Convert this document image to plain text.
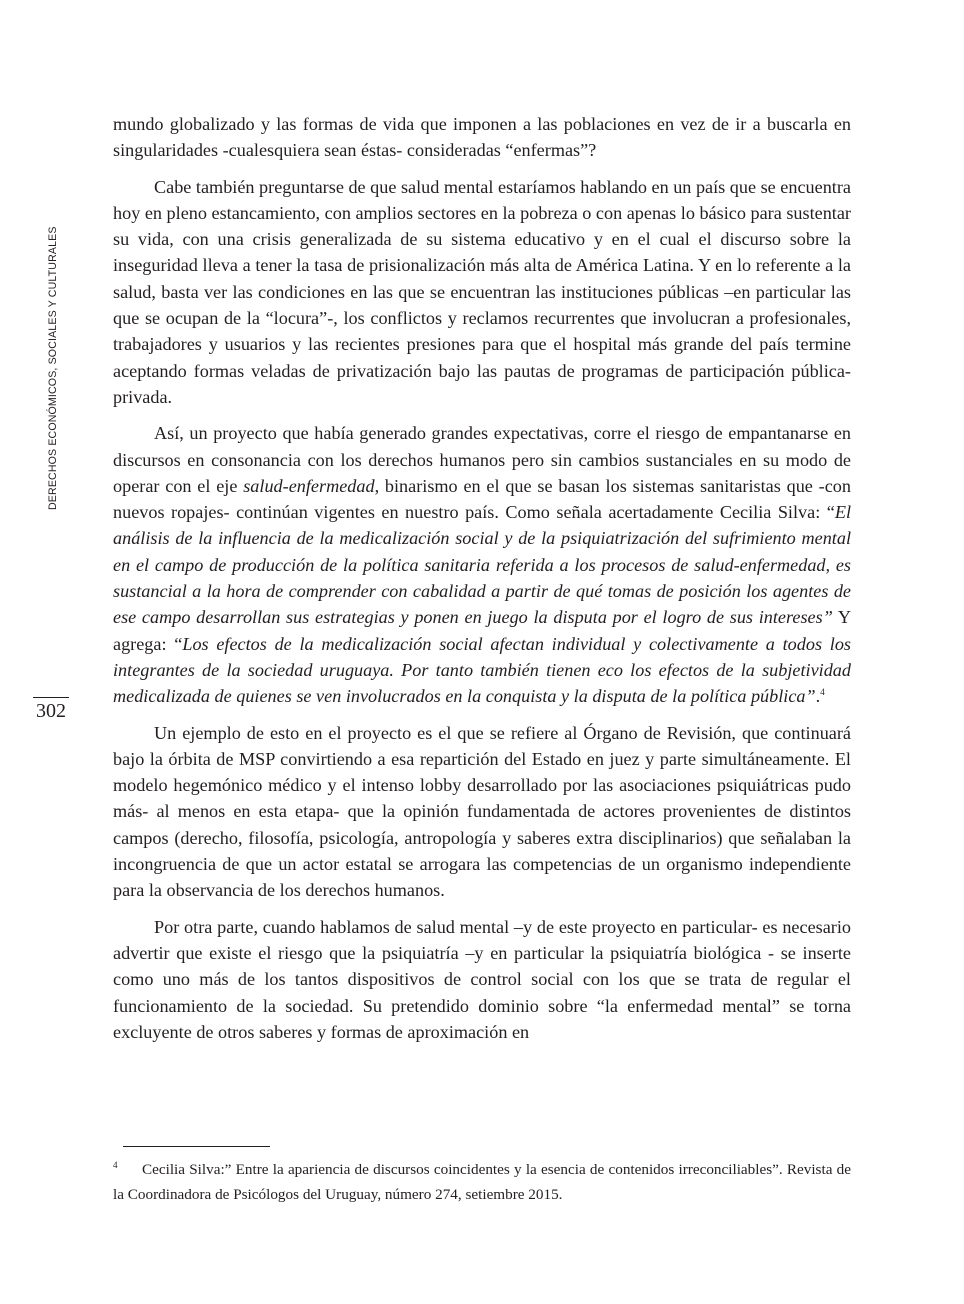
DERECHOS ECONÓMICOS, SOCIALES Y CULTURALES
302

mundo globalizado y las formas de vida que imponen a las poblaciones en vez de ir a buscarla en singularidades -cualesquiera sean éstas- consideradas “enfermas”?

Cabe también preguntarse de que salud mental estaríamos hablando en un país que se encuentra hoy en pleno estancamiento, con amplios sectores en la pobreza o con apenas lo básico para sustentar su vida, con una crisis generalizada de su sistema educativo y en el cual el discurso sobre la inseguridad lleva a tener la tasa de prisionalización más alta de América Latina. Y en lo referente a la salud, basta ver las condiciones en las que se encuentran las instituciones públicas –en particular las que se ocupan de la “locura”-, los conflictos y reclamos recurrentes que involucran a profesionales, trabajadores y usuarios y las recientes presiones para que el hospital más grande del país termine aceptando formas veladas de privatización bajo las pautas de programas de participación pública-privada.

Así, un proyecto que había generado grandes expectativas, corre el riesgo de empantanarse en discursos en consonancia con los derechos humanos pero sin cambios sustanciales en su modo de operar con el eje salud-enfermedad, binarismo en el que se basan los sistemas sanitaristas que -con nuevos ropajes- continúan vigentes en nuestro país. Como señala acertadamente Cecilia Silva: “El análisis de la influencia de la medicalización social y de la psiquiatrización del sufrimiento mental en el campo de producción de la política sanitaria referida a los procesos de salud-enfermedad, es sustancial a la hora de comprender con cabalidad a partir de qué tomas de posición los agentes de ese campo desarrollan sus estrategias y ponen en juego la disputa por el logro de sus intereses” Y agrega: “Los efectos de la medicalización social afectan individual y colectivamente a todos los integrantes de la sociedad uruguaya. Por tanto también tienen eco los efectos de la subjetividad medicalizada de quienes se ven involucrados en la conquista y la disputa de la política pública”.$^4$

Un ejemplo de esto en el proyecto es el que se refiere al Órgano de Revisión, que continuará bajo la órbita de MSP convirtiendo a esa repartición del Estado en juez y parte simultáneamente. El modelo hegemónico médico y el intenso lobby desarrollado por las asociaciones psiquiátricas pudo más- al menos en esta etapa- que la opinión fundamentada de actores provenientes de distintos campos (derecho, filosofía, psicología, antropología y saberes extra disciplinarios) que señalaban la incongruencia de que un actor estatal se arrogara las competencias de un organismo independiente para la observancia de los derechos humanos.

Por otra parte, cuando hablamos de salud mental –y de este proyecto en particular- es necesario advertir que existe el riesgo que la psiquiatría –y en particular la psiquiatría biológica - se inserte como uno más de los tantos dispositivos de control social con los que se trata de regular el funcionamiento de la sociedad. Su pretendido dominio sobre “la enfermedad mental” se torna excluyente de otros saberes y formas de aproximación en

4 Cecilia Silva:” Entre la apariencia de discursos coincidentes y la esencia de contenidos irreconciliables”. Revista de la Coordinadora de Psicólogos del Uruguay, número 274, setiembre 2015.
